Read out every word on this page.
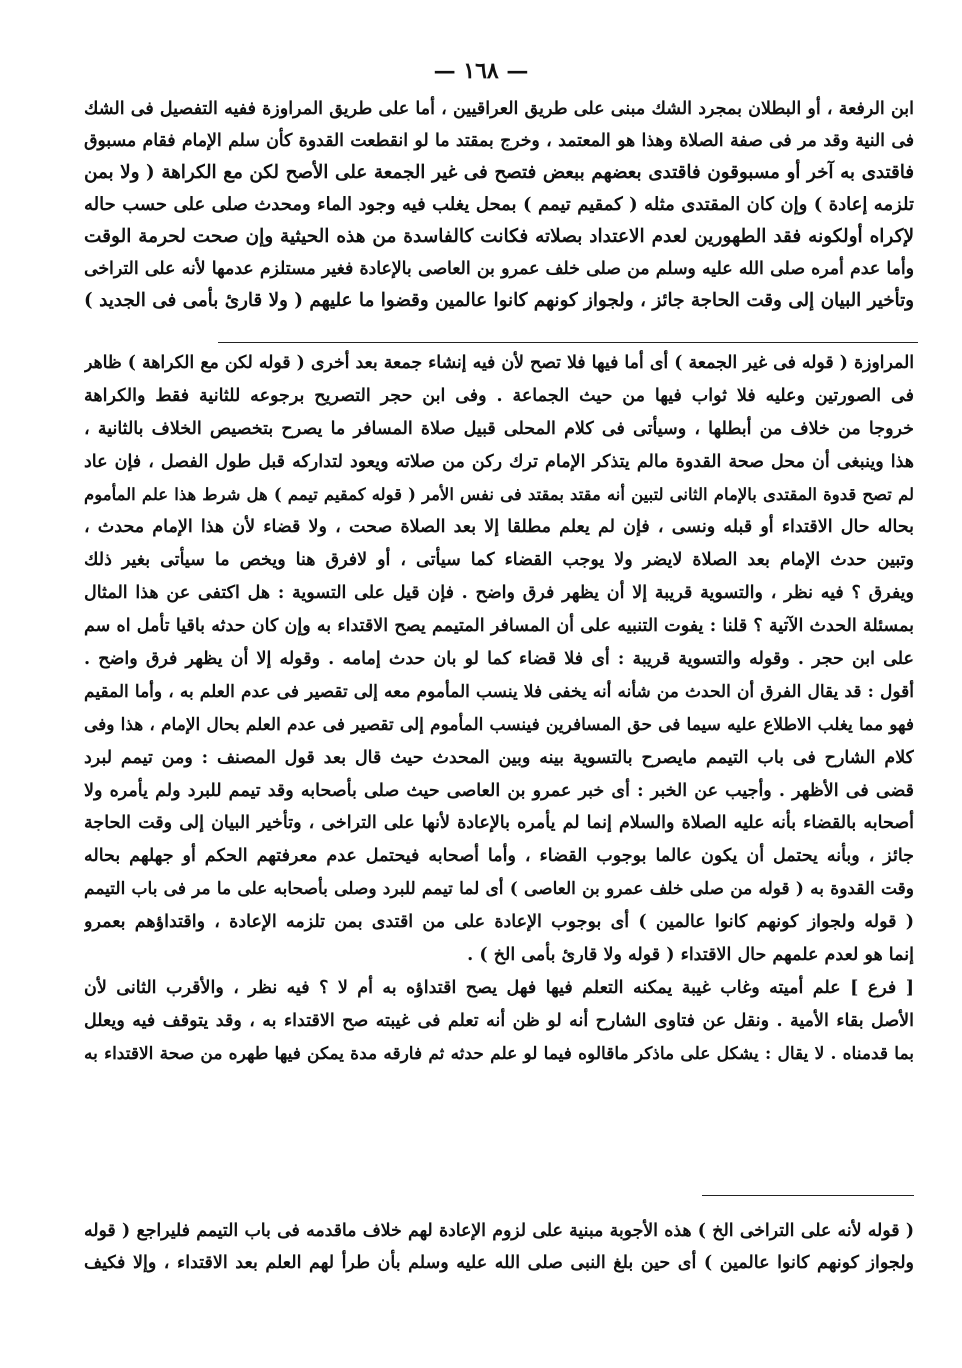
— ١٦٨ —
ابن الرفعة ، أو البطلان بمجرد الشك مبنى على طريق العراقيين ، أما على طريق المراوزة ففيه التفصيل فى الشك
فى النية وقد مر فى صفة الصلاة وهذا هو المعتمد ، وخرج بمقتد ما لو انقطعت القدوة كأن سلم الإمام فقام مسبوق
فاقتدى به آخر أو مسبوقون فاقتدى بعضهم ببعض فتصح فى غير الجمعة على الأصح لكن مع الكراهة ( ولا بمن
تلزمه إعادة ) وإن كان المقتدى مثله ( كمقيم تيمم ) بمحل يغلب فيه وجود الماء ومحدث صلى على حسب حاله
لإكراه أولكونه فقد الطهورين لعدم الاعتداد بصلاته فكانت كالفاسدة من هذه الحيثية وإن صحت لحرمة الوقت
وأما عدم أمره صلى الله عليه وسلم من صلى خلف عمرو بن العاصى بالإعادة فغير مستلزم عدمها لأنه على التراخى
وتأخير البيان إلى وقت الحاجة جائز ، ولجواز كونهم كانوا عالمين وقضوا ما عليهم ( ولا قارئ بأمى فى الجديد )
المراوزة ( قوله فى غير الجمعة ) أى أما فيها فلا تصح لأن فيه إنشاء جمعة بعد أخرى ( قوله لكن مع الكراهة ) ظاهر
فى الصورتين وعليه فلا ثواب فيها من حيث الجماعة . وفى ابن حجر التصريح برجوعه للثانية فقط والكراهة
خروجا من خلاف من أبطلها ، وسيأتى فى كلام المحلى قبيل صلاة المسافر ما يصرح بتخصيص الخلاف بالثانية ،
هذا وينبغى أن محل صحة القدوة مالم يتذكر الإمام ترك ركن من صلاته ويعود لتداركه قبل طول الفصل ، فإن عاد
لم تصح قدوة المقتدى بالإمام الثانى لتبين أنه مقتد بمقتد فى نفس الأمر ( قوله كمقيم تيمم ) هل شرط هذا علم المأموم
بحاله حال الاقتداء أو قبله ونسى ، فإن لم يعلم مطلقا إلا بعد الصلاة صحت ، ولا قضاء لأن هذا الإمام محدث ،
وتبين حدث الإمام بعد الصلاة لايضر ولا يوجب القضاء كما سيأتى ، أو لافرق هنا ويخص ما سيأتى بغير ذلك
ويفرق ؟ فيه نظر ، والتسوية قريبة إلا أن يظهر فرق واضح . فإن قيل على التسوية : هل اكتفى عن هذا المثال
بمسئلة الحدث الآتية ؟ قلنا : يفوت التنبيه على أن المسافر المتيمم يصح الاقتداء به وإن كان حدثه باقيا تأمل اه سم
على ابن حجر . وقوله والتسوية قريبة : أى فلا قضاء كما لو بان حدث إمامه . وقوله إلا أن يظهر فرق واضح .
أقول : قد يقال الفرق أن الحدث من شأنه أنه يخفى فلا ينسب المأموم معه إلى تقصير فى عدم العلم به ، وأما المقيم
فهو مما يغلب الاطلاع عليه سيما فى حق المسافرين فينسب المأموم إلى تقصير فى عدم العلم بحال الإمام ، هذا وفى
كلام الشارح فى باب التيمم مايصرح بالتسوية بينه وبين المحدث حيث قال بعد قول المصنف : ومن تيمم لبرد
قضى فى الأظهر . وأجيب عن الخبر : أى خبر عمرو بن العاصى حيث صلى بأصحابه وقد تيمم للبرد ولم يأمره ولا
أصحابه بالقضاء بأنه عليه الصلاة والسلام إنما لم يأمره بالإعادة لأنها على التراخى ، وتأخير البيان إلى وقت الحاجة
جائز ، وبأنه يحتمل أن يكون عالما بوجوب القضاء ، وأما أصحابه فيحتمل عدم معرفتهم الحكم أو جهلهم بحاله
وقت القدوة به ( قوله من صلى خلف عمرو بن العاصى ) أى لما تيمم للبرد وصلى بأصحابه على ما مر فى باب التيمم
( قوله ولجواز كونهم كانوا عالمين ) أى بوجوب الإعادة على من اقتدى بمن تلزمه الإعادة ، واقتداؤهم بعمرو
إنما هو لعدم علمهم حال الاقتداء ( قوله ولا قارئ بأمى الخ ) .
[ فرع ] علم أميته وغاب غيبة يمكنه التعلم فيها فهل يصح اقتداؤه به أم لا ؟ فيه نظر ، والأقرب الثانى لأن
الأصل بقاء الأمية . ونقل عن فتاوى الشارح أنه لو ظن أنه تعلم فى غيبته صح الاقتداء به ، وقد يتوقف فيه ويعلل
بما قدمناه . لا يقال : يشكل على ماذكر ماقالوه فيما لو علم حدثه ثم فارقه مدة يمكن فيها طهره من صحة الاقتداء به
( قوله لأنه على التراخى الخ ) هذه الأجوبة مبنية على لزوم الإعادة لهم خلاف ماقدمه فى باب التيمم فليراجع ( قوله
ولجواز كونهم كانوا عالمين ) أى حين بلغ النبى صلى الله عليه وسلم بأن طرأ لهم العلم بعد الاقتداء ، وإلا فكيف
